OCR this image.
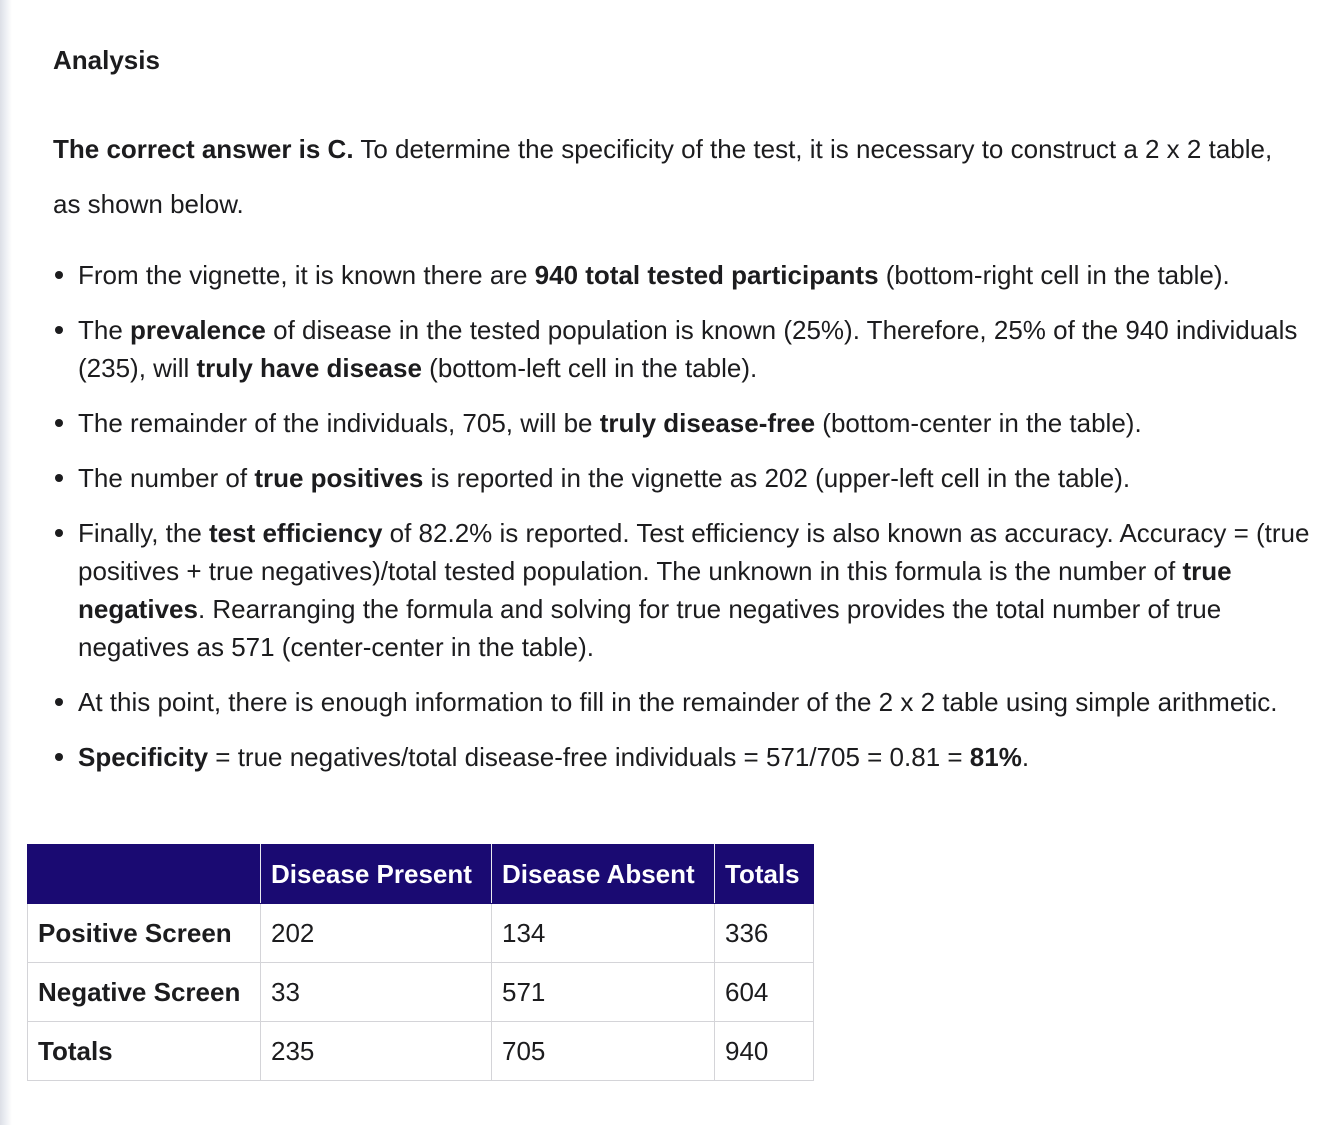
Analysis

The correct answer is C. To determine the specificity of the test, it is necessary to construct a 2 x 2 table, as shown below.

From the vignette, it is known there are 940 total tested participants (bottom-right cell in the table).
The prevalence of disease in the tested population is known (25%). Therefore, 25% of the 940 individuals (235), will truly have disease (bottom-left cell in the table).
The remainder of the individuals, 705, will be truly disease-free (bottom-center in the table).
The number of true positives is reported in the vignette as 202 (upper-left cell in the table).
Finally, the test efficiency of 82.2% is reported. Test efficiency is also known as accuracy. Accuracy = (true positives + true negatives)/total tested population. The unknown in this formula is the number of true negatives. Rearranging the formula and solving for true negatives provides the total number of true negatives as 571 (center-center in the table).
At this point, there is enough information to fill in the remainder of the 2 x 2 table using simple arithmetic.
Specificity = true negatives/total disease-free individuals = 571/705 = 0.81 = 81%.
	Disease Present	Disease Absent	Totals
Positive Screen	202	134	336
Negative Screen	33	571	604
Totals	235	705	940
